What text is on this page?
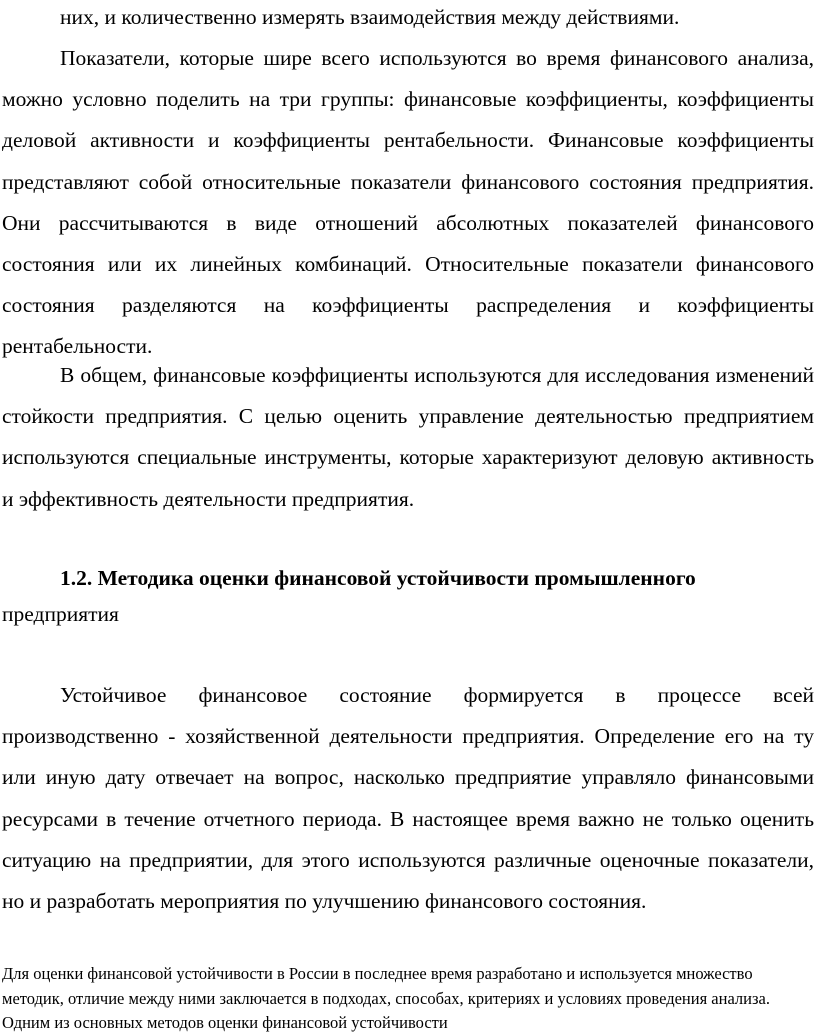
них, и количественно измерять взаимодействия между действиями.

Показатели, которые шире всего используются во время финансового анализа, можно условно поделить на три группы: финансовые коэффициенты, коэффициенты деловой активности и коэффициенты рентабельности. Финансовые коэффициенты представляют собой относительные показатели финансового состояния предприятия. Они рассчитываются в виде отношений абсолютных показателей финансового состояния или их линейных комбинаций. Относительные показатели финансового состояния разделяются на коэффициенты распределения и коэффициенты рентабельности.

В общем, финансовые коэффициенты используются для исследования изменений стойкости предприятия. С целью оценить управление деятельностью предприятием используются специальные инструменты, которые характеризуют деловую активность и эффективность деятельности предприятия.

1.2. Методика оценки финансовой устойчивости промышленного
предприятия

Устойчивое финансовое состояние формируется в процессе всей производственно - хозяйственной деятельности предприятия. Определение его на ту или иную дату отвечает на вопрос, насколько предприятие управляло финансовыми ресурсами в течение отчетного периода. В настоящее время важно не только оценить ситуацию на предприятии, для этого используются различные оценочные показатели, но и разработать мероприятия по улучшению финансового состояния.

Для оценки финансовой устойчивости в России в последнее время разработано и используется множество методик, отличие между ними заключается в подходах, способах, критериях и условиях проведения анализа. Одним из основных методов оценки финансовой устойчивости
